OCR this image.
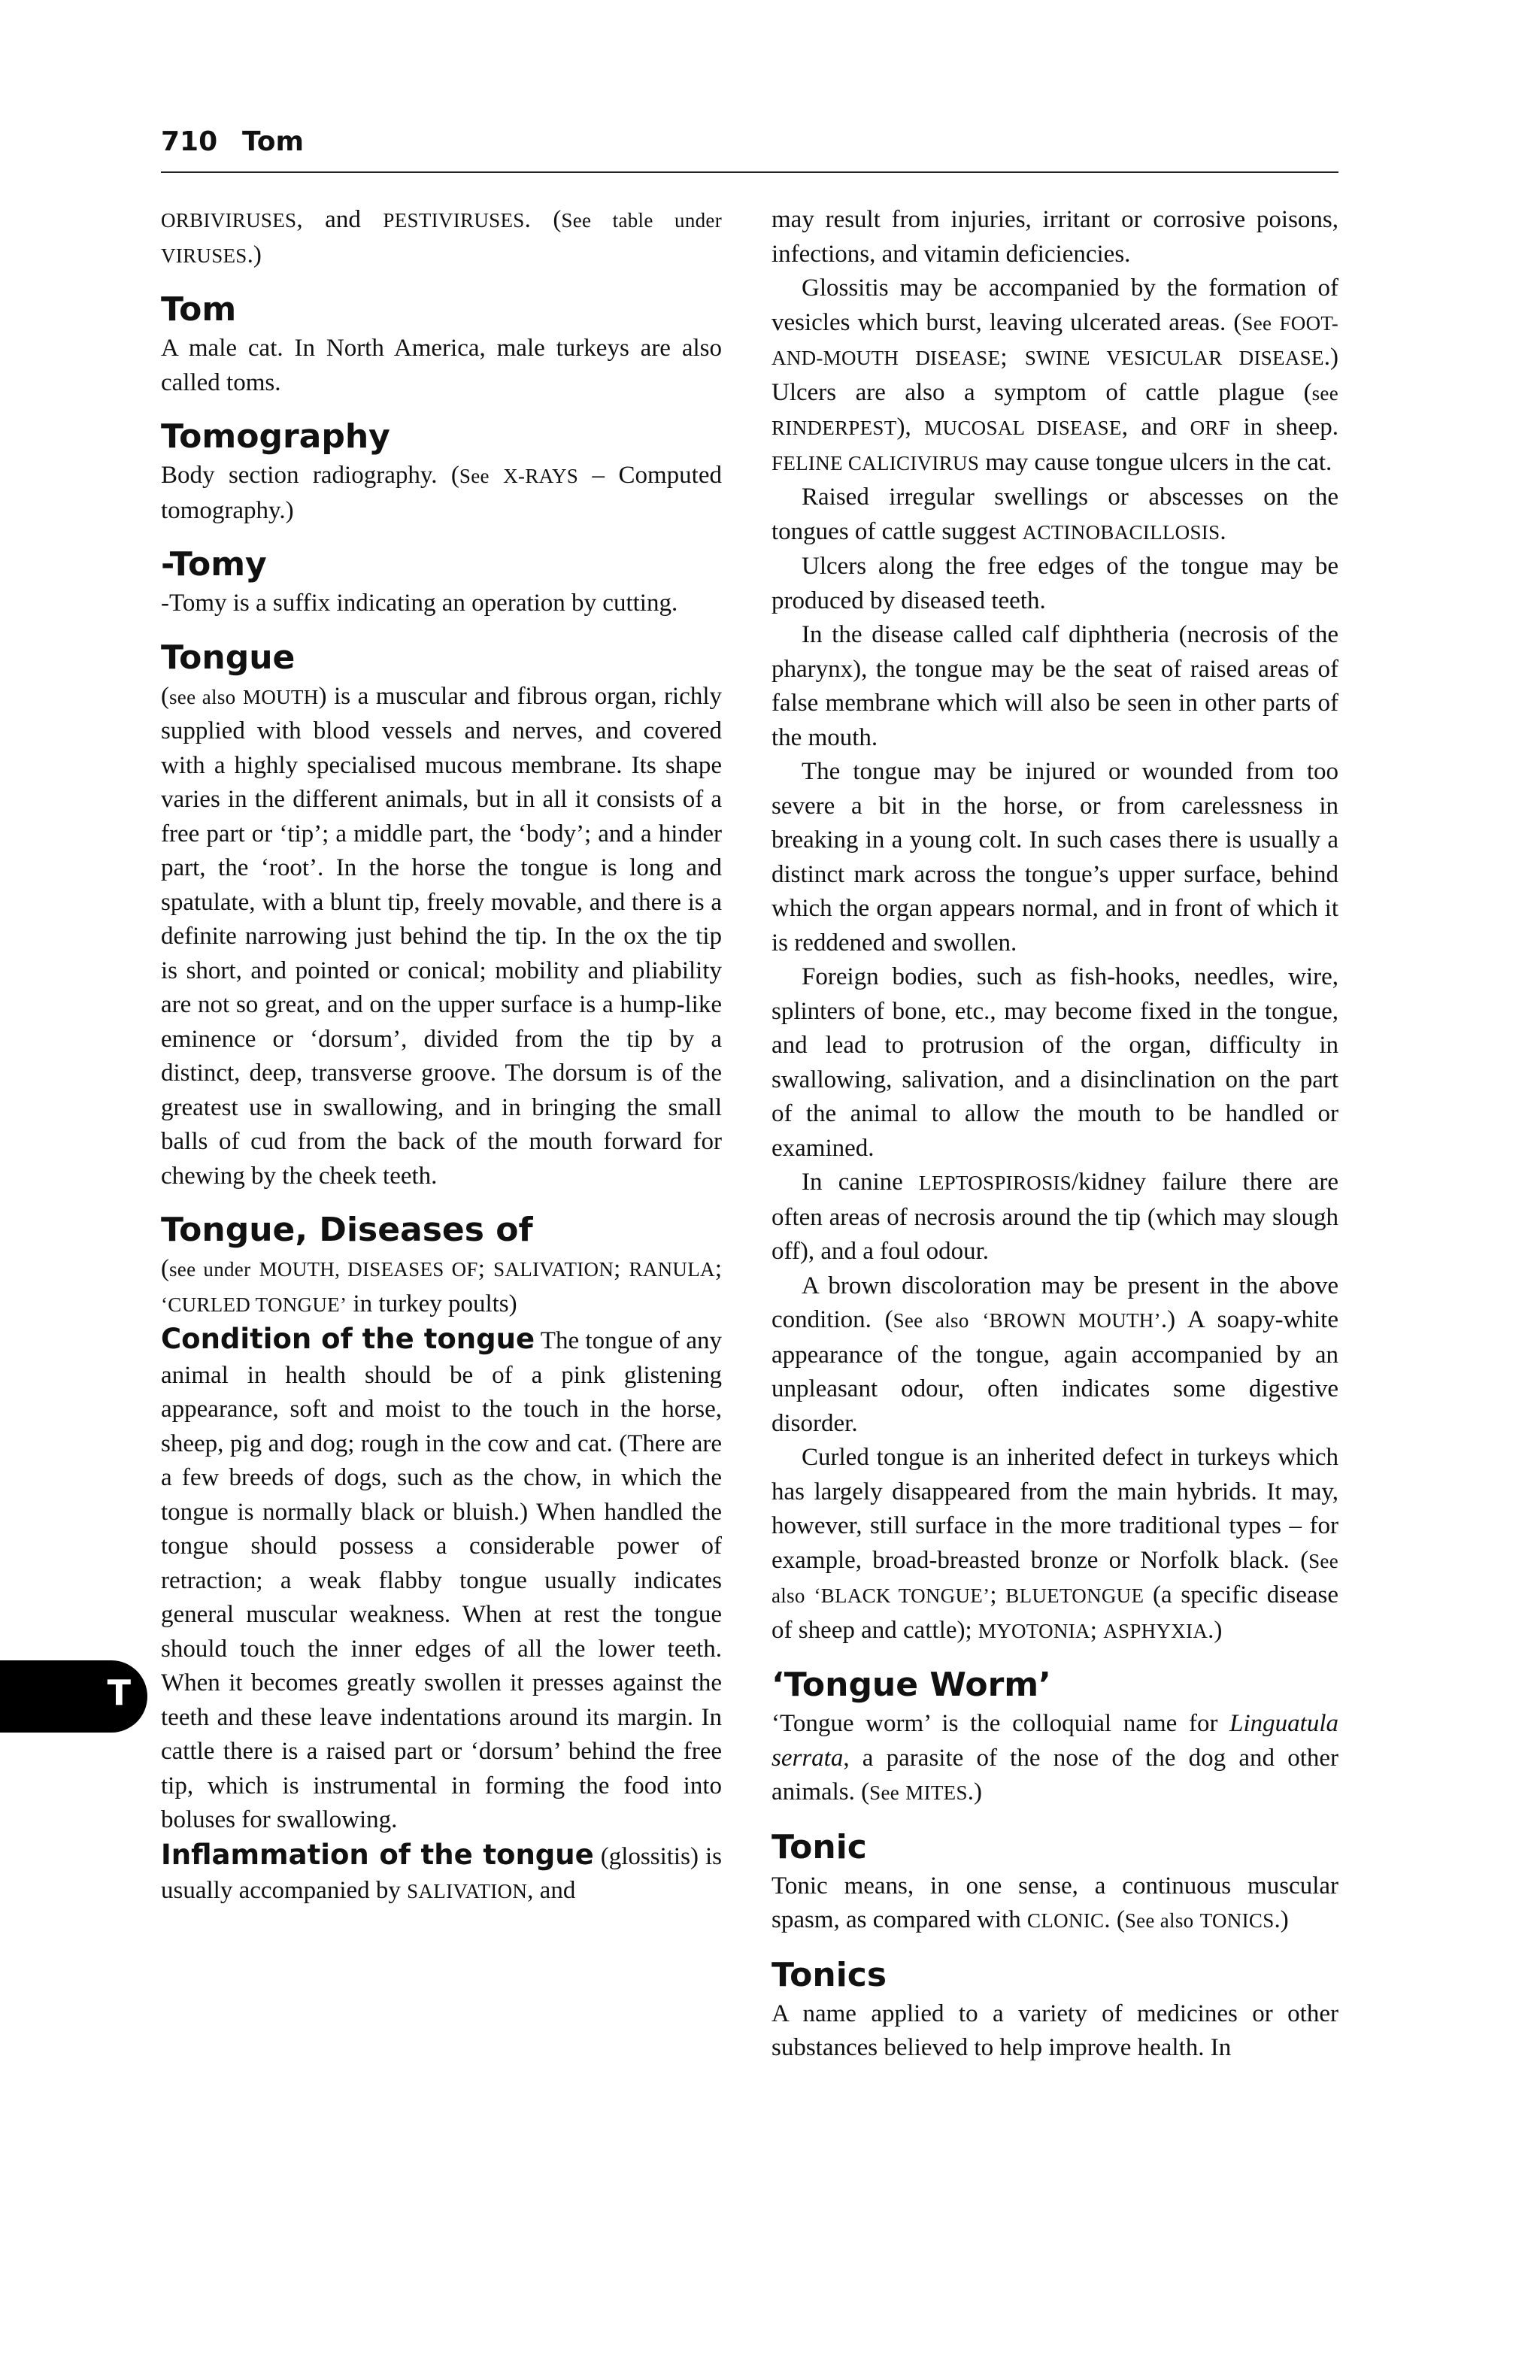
710 Tom

ORBIVIRUSES, and PESTIVIRUSES. (See table under VIRUSES.)

Tom

A male cat. In North America, male turkeys are also called toms.

Tomography

Body section radiography. (See X-RAYS – Computed tomography.)

-Tomy

-Tomy is a suffix indicating an operation by cutting.

Tongue

(see also MOUTH) is a muscular and fibrous organ, richly supplied with blood vessels and nerves, and covered with a highly specialised mucous membrane. Its shape varies in the different animals, but in all it consists of a free part or ‘tip’; a middle part, the ‘body’; and a hinder part, the ‘root’. In the horse the tongue is long and spatulate, with a blunt tip, freely movable, and there is a definite narrowing just behind the tip. In the ox the tip is short, and pointed or conical; mobility and pliability are not so great, and on the upper surface is a hump-like eminence or ‘dorsum’, divided from the tip by a distinct, deep, transverse groove. The dorsum is of the greatest use in swallowing, and in bringing the small balls of cud from the back of the mouth forward for chewing by the cheek teeth.

Tongue, Diseases of

(see under MOUTH, DISEASES OF; SALIVATION; RANULA; ‘CURLED TONGUE’ in turkey poults)

Condition of the tongue The tongue of any animal in health should be of a pink glistening appearance, soft and moist to the touch in the horse, sheep, pig and dog; rough in the cow and cat. (There are a few breeds of dogs, such as the chow, in which the tongue is normally black or bluish.) When handled the tongue should possess a considerable power of retraction; a weak flabby tongue usually indicates general muscular weakness. When at rest the tongue should touch the inner edges of all the lower teeth. When it becomes greatly swollen it presses against the teeth and these leave indentations around its margin. In cattle there is a raised part or ‘dorsum’ behind the free tip, which is instrumental in forming the food into boluses for swallowing.

Inflammation of the tongue (glossitis) is usually accompanied by SALIVATION, and

may result from injuries, irritant or corrosive poisons, infections, and vitamin deficiencies.

Glossitis may be accompanied by the formation of vesicles which burst, leaving ulcerated areas. (See FOOT-AND-MOUTH DISEASE; SWINE VESICULAR DISEASE.) Ulcers are also a symptom of cattle plague (see RINDERPEST), MUCOSAL DISEASE, and ORF in sheep. FELINE CALICIVIRUS may cause tongue ulcers in the cat.

Raised irregular swellings or abscesses on the tongues of cattle suggest ACTINOBACILLOSIS.

Ulcers along the free edges of the tongue may be produced by diseased teeth.

In the disease called calf diphtheria (necrosis of the pharynx), the tongue may be the seat of raised areas of false membrane which will also be seen in other parts of the mouth.

The tongue may be injured or wounded from too severe a bit in the horse, or from carelessness in breaking in a young colt. In such cases there is usually a distinct mark across the tongue’s upper surface, behind which the organ appears normal, and in front of which it is reddened and swollen.

Foreign bodies, such as fish-hooks, needles, wire, splinters of bone, etc., may become fixed in the tongue, and lead to protrusion of the organ, difficulty in swallowing, salivation, and a disinclination on the part of the animal to allow the mouth to be handled or examined.

In canine LEPTOSPIROSIS/kidney failure there are often areas of necrosis around the tip (which may slough off), and a foul odour.

A brown discoloration may be present in the above condition. (See also ‘BROWN MOUTH’.) A soapy-white appearance of the tongue, again accompanied by an unpleasant odour, often indicates some digestive disorder.

Curled tongue is an inherited defect in turkeys which has largely disappeared from the main hybrids. It may, however, still surface in the more traditional types – for example, broad-breasted bronze or Norfolk black. (See also ‘BLACK TONGUE’; BLUETONGUE (a specific disease of sheep and cattle); MYOTONIA; ASPHYXIA.)

‘Tongue Worm’

‘Tongue worm’ is the colloquial name for Linguatula serrata, a parasite of the nose of the dog and other animals. (See MITES.)

Tonic

Tonic means, in one sense, a continuous muscular spasm, as compared with CLONIC. (See also TONICS.)

Tonics

A name applied to a variety of medicines or other substances believed to help improve health. In

T
